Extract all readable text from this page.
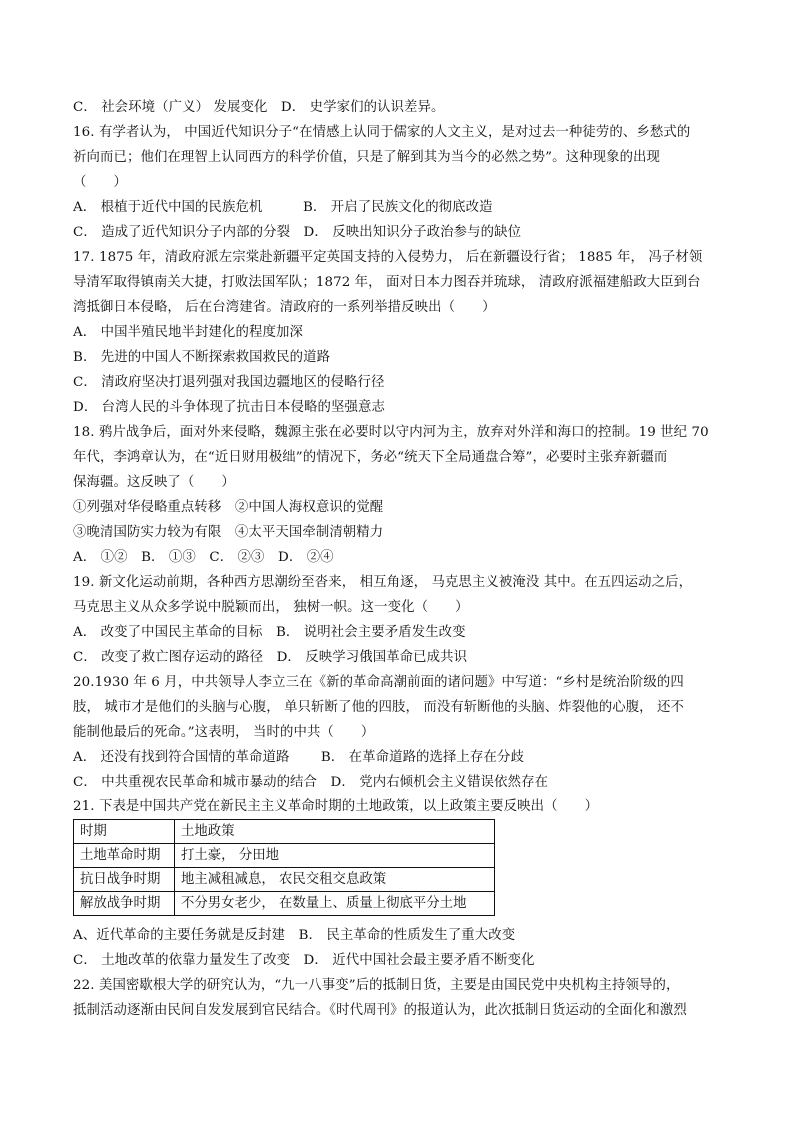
C． 社会环境（广义） 发展变化　D． 史学家们的认识差异。
16. 有学者认为， 中国近代知识分子“在情感上认同于儒家的人文主义，是对过去一种徒劳的、乡愁式的
祈向而已；他们在理智上认同西方的科学价值，只是了解到其为当今的必然之势”。这种现象的出现
（　　）
A． 根植于近代中国的民族危机　　　B． 开启了民族文化的彻底改造
C． 造成了近代知识分子内部的分裂　D． 反映出知识分子政治参与的缺位
17. 1875 年，清政府派左宗棠赴新疆平定英国支持的入侵势力， 后在新疆设行省； 1885 年， 冯子材领
导清军取得镇南关大捷，打败法国军队；1872 年， 面对日本力图吞并琉球， 清政府派福建船政大臣到台
湾抵御日本侵略， 后在台湾建省。清政府的一系列举措反映出（　　）
A． 中国半殖民地半封建化的程度加深
B． 先进的中国人不断探索救国救民的道路
C． 清政府坚决打退列强对我国边疆地区的侵略行径
D． 台湾人民的斗争体现了抗击日本侵略的坚强意志
18. 鸦片战争后，面对外来侵略，魏源主张在必要时以守内河为主，放弃对外洋和海口的控制。19 世纪 70
年代，李鸿章认为，在“近日财用极绌”的情况下，务必“统天下全局通盘合筹”，必要时主张弃新疆而
保海疆。这反映了（　　）
①列强对华侵略重点转移　②中国人海权意识的觉醒
③晚清国防实力较为有限　④太平天国牵制清朝精力
A． ①②　B． ①③　C． ②③　D． ②④
19. 新文化运动前期，各种西方思潮纷至沓来， 相互角逐， 马克思主义被淹没 其中。在五四运动之后，
马克思主义从众多学说中脱颖而出， 独树一帜。这一变化（　　）
A． 改变了中国民主革命的目标　B． 说明社会主要矛盾发生改变
C． 改变了救亡图存运动的路径　D． 反映学习俄国革命已成共识
20.1930 年 6 月，中共领导人李立三在《新的革命高潮前面的诸问题》中写道：“乡村是统治阶级的四
肢， 城市才是他们的头脑与心腹， 单只斩断了他的四肢， 而没有斩断他的头脑、炸裂他的心腹， 还不
能制他最后的死命。”这表明， 当时的中共（　　）
A． 还没有找到符合国情的革命道路　　 B． 在革命道路的选择上存在分歧
C． 中共重视农民革命和城市暴动的结合　D． 党内右倾机会主义错误依然存在
21. 下表是中国共产党在新民主主义革命时期的土地政策，以上政策主要反映出（　　）
时期	土地政策
土地革命时期	打土豪， 分田地
抗日战争时期	地主减租减息， 农民交租交息政策
解放战争时期	不分男女老少， 在数量上、质量上彻底平分土地
A、近代革命的主要任务就是反封建　B． 民主革命的性质发生了重大改变
C． 土地改革的依靠力量发生了改变　D． 近代中国社会最主要矛盾不断变化
22. 美国密歇根大学的研究认为，“九一八事变”后的抵制日货，主要是由国民党中央机构主持领导的，
抵制活动逐渐由民间自发发展到官民结合。《时代周刊》的报道认为，此次抵制日货运动的全面化和激烈
